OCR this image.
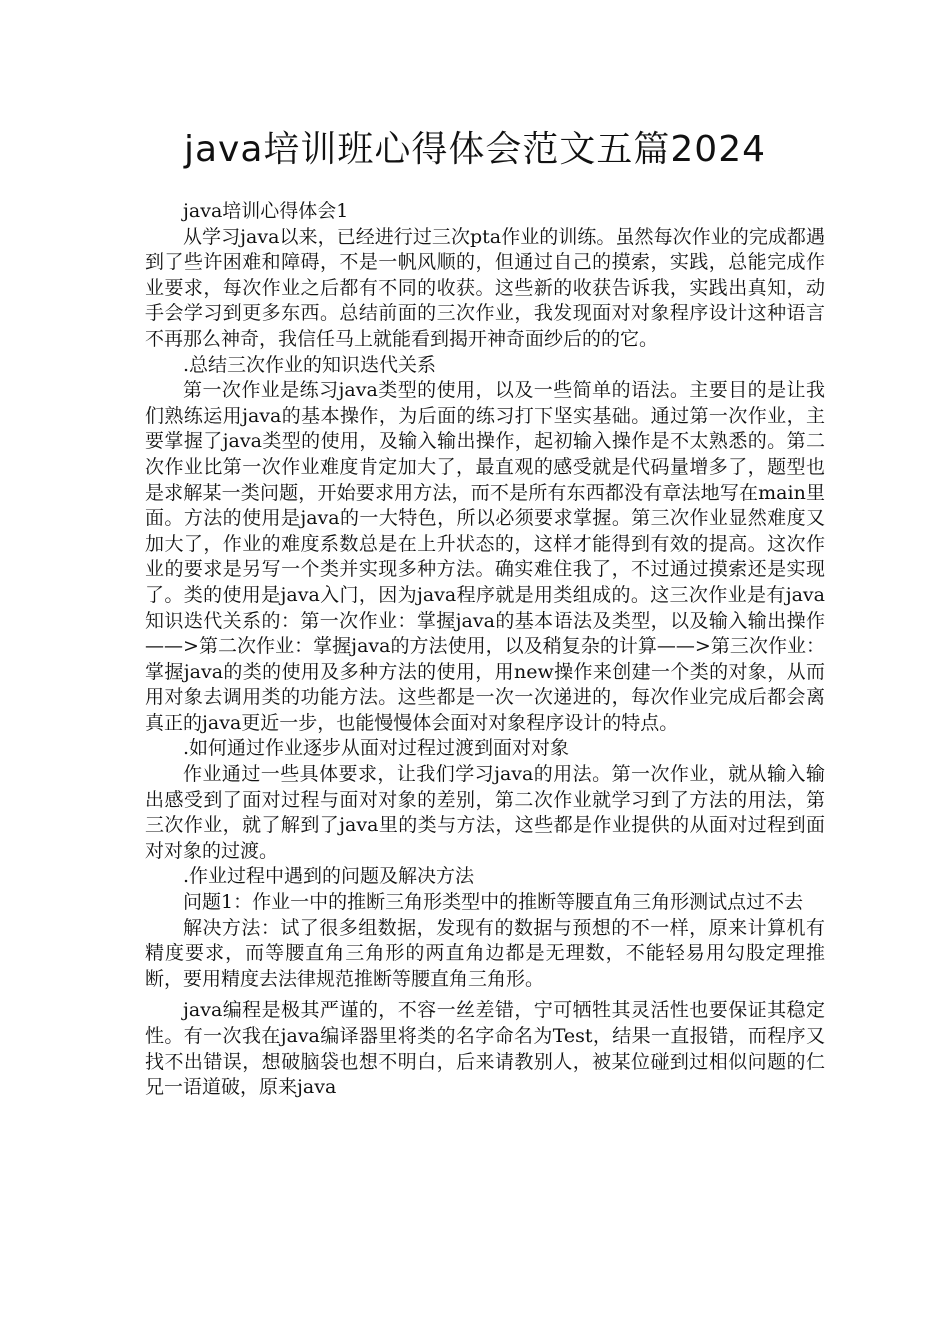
java培训班心得体会范文五篇2024

java培训心得体会1

从学习java以来，已经进行过三次pta作业的训练。虽然每次作业的完成都遇到了些许困难和障碍，不是一帆风顺的，但通过自己的摸索，实践，总能完成作业要求，每次作业之后都有不同的收获。这些新的收获告诉我，实践出真知，动手会学习到更多东西。总结前面的三次作业，我发现面对对象程序设计这种语言不再那么神奇，我信任马上就能看到揭开神奇面纱后的的它。

.总结三次作业的知识迭代关系

第一次作业是练习java类型的使用，以及一些简单的语法。主要目的是让我们熟练运用java的基本操作，为后面的练习打下坚实基础。通过第一次作业，主要掌握了java类型的使用，及输入输出操作，起初输入操作是不太熟悉的。第二次作业比第一次作业难度肯定加大了，最直观的感受就是代码量增多了，题型也是求解某一类问题，开始要求用方法，而不是所有东西都没有章法地写在main里面。方法的使用是java的一大特色，所以必须要求掌握。第三次作业显然难度又加大了，作业的难度系数总是在上升状态的，这样才能得到有效的提高。这次作业的要求是另写一个类并实现多种方法。确实难住我了，不过通过摸索还是实现了。类的使用是java入门，因为java程序就是用类组成的。这三次作业是有java知识迭代关系的：第一次作业：掌握java的基本语法及类型，以及输入输出操作——>第二次作业：掌握java的方法使用，以及稍复杂的计算——>第三次作业：掌握java的类的使用及多种方法的使用，用new操作来创建一个类的对象，从而用对象去调用类的功能方法。这些都是一次一次递进的，每次作业完成后都会离真正的java更近一步，也能慢慢体会面对对象程序设计的特点。

.如何通过作业逐步从面对过程过渡到面对对象

作业通过一些具体要求，让我们学习java的用法。第一次作业，就从输入输出感受到了面对过程与面对对象的差别，第二次作业就学习到了方法的用法，第三次作业，就了解到了java里的类与方法，这些都是作业提供的从面对过程到面对对象的过渡。

.作业过程中遇到的问题及解决方法

问题1：作业一中的推断三角形类型中的推断等腰直角三角形测试点过不去

解决方法：试了很多组数据，发现有的数据与预想的不一样，原来计算机有精度要求，而等腰直角三角形的两直角边都是无理数，不能轻易用勾股定理推断，要用精度去法律规范推断等腰直角三角形。

java编程是极其严谨的，不容一丝差错，宁可牺牲其灵活性也要保证其稳定性。有一次我在java编译器里将类的名字命名为Test，结果一直报错，而程序又找不出错误，想破脑袋也想不明白，后来请教别人，被某位碰到过相似问题的仁兄一语道破，原来java
